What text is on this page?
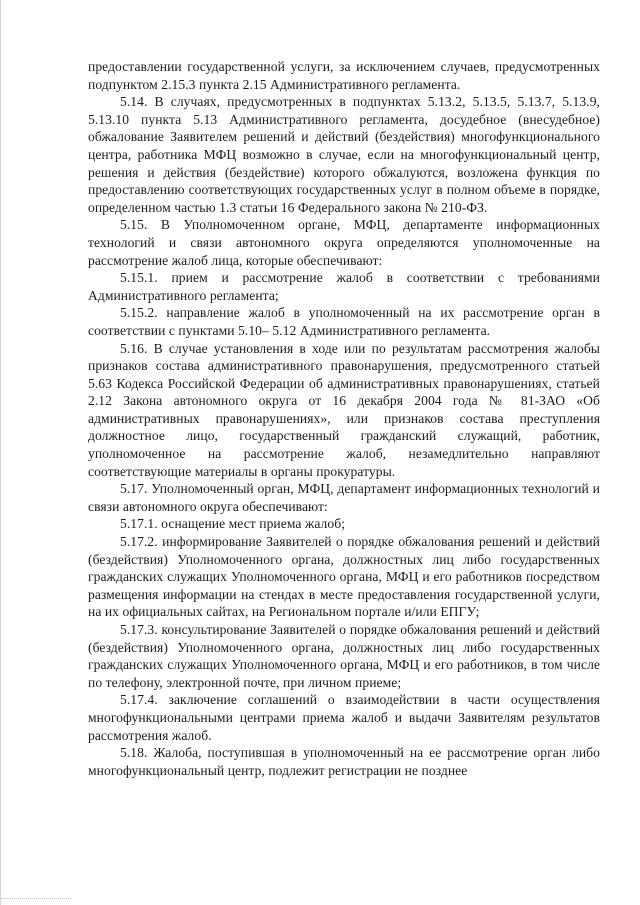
предоставлении государственной услуги, за исключением случаев, предусмотренных подпунктом 2.15.3 пункта 2.15 Административного регламента.

5.14. В случаях, предусмотренных в подпунктах 5.13.2, 5.13.5, 5.13.7, 5.13.9, 5.13.10 пункта 5.13 Административного регламента, досудебное (внесудебное) обжалование Заявителем решений и действий (бездействия) многофункционального центра, работника МФЦ возможно в случае, если на многофункциональный центр, решения и действия (бездействие) которого обжалуются, возложена функция по предоставлению соответствующих государственных услуг в полном объеме в порядке, определенном частью 1.3 статьи 16 Федерального закона № 210-ФЗ.

5.15. В Уполномоченном органе, МФЦ, департаменте информационных технологий и связи автономного округа определяются уполномоченные на рассмотрение жалоб лица, которые обеспечивают:

5.15.1. прием и рассмотрение жалоб в соответствии с требованиями Административного регламента;

5.15.2. направление жалоб в уполномоченный на их рассмотрение орган в соответствии с пунктами 5.10– 5.12 Административного регламента.

5.16. В случае установления в ходе или по результатам рассмотрения жалобы признаков состава административного правонарушения, предусмотренного статьей 5.63 Кодекса Российской Федерации об административных правонарушениях, статьей 2.12 Закона автономного округа от 16 декабря 2004 года № 81-ЗАО «Об административных правонарушениях», или признаков состава преступления должностное лицо, государственный гражданский служащий, работник, уполномоченное на рассмотрение жалоб, незамедлительно направляют соответствующие материалы в органы прокуратуры.

5.17. Уполномоченный орган, МФЦ, департамент информационных технологий и связи автономного округа обеспечивают:

5.17.1. оснащение мест приема жалоб;

5.17.2. информирование Заявителей о порядке обжалования решений и действий (бездействия) Уполномоченного органа, должностных лиц либо государственных гражданских служащих Уполномоченного органа, МФЦ и его работников посредством размещения информации на стендах в месте предоставления государственной услуги, на их официальных сайтах, на Региональном портале и/или ЕПГУ;

5.17.3. консультирование Заявителей о порядке обжалования решений и действий (бездействия) Уполномоченного органа, должностных лиц либо государственных гражданских служащих Уполномоченного органа, МФЦ и его работников, в том числе по телефону, электронной почте, при личном приеме;

5.17.4. заключение соглашений о взаимодействии в части осуществления многофункциональными центрами приема жалоб и выдачи Заявителям результатов рассмотрения жалоб.

5.18. Жалоба, поступившая в уполномоченный на ее рассмотрение орган либо многофункциональный центр, подлежит регистрации не позднее
